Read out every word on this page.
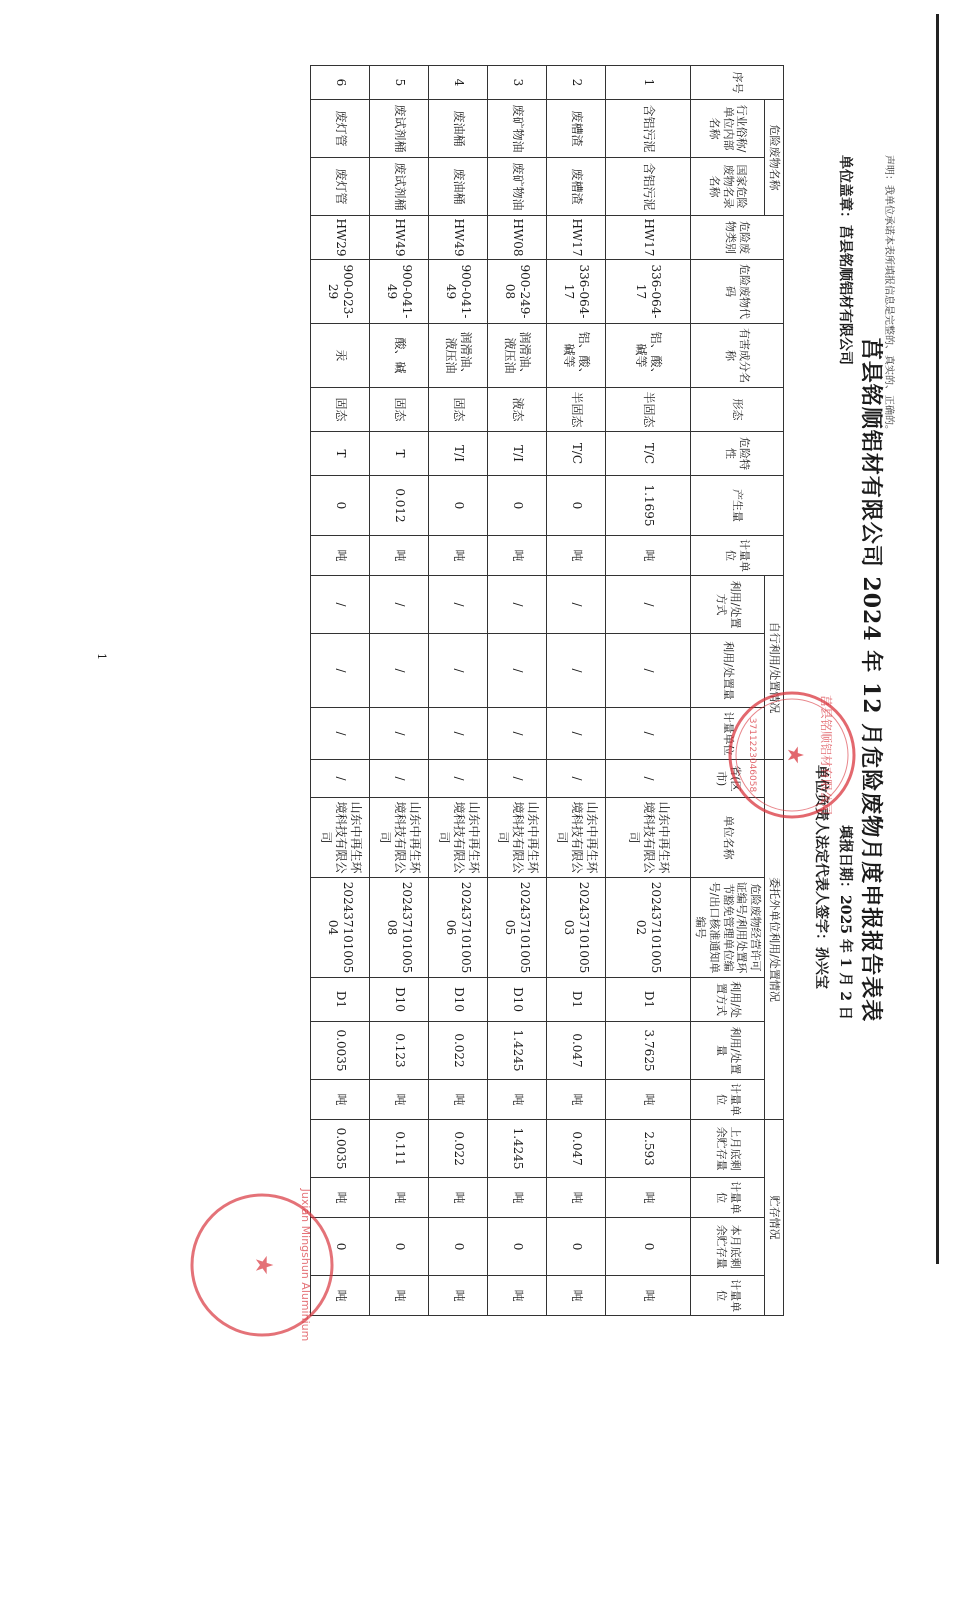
1
声明：我单位承诺本表所填报信息是完整的、真实的、正确的。
莒县铭顺铝材有限公司 2024 年 12 月危险废物月度申报报告表表
单位盖章：莒县铭顺铝材有限公司
填报日期：2025 年 1 月 2 日
单位负责人法定代表人签字：孙兴宝
序号	危险废物名称		危险废物类别	危险废物代码	有害成分名称	形态	危险特性	产生量	计量单位	自行利用/处置情况			委托外单位利用/处置情况						贮存情况			
	行业俗称/单位内部名称	国家危险废物名录名称								利用/处置方式	利用/处置量	计量单位	省(区市)	单位名称	危险废物经营许可证编号/利用处置环节豁免管理单位编号/出口核准通知单编号	利用/处置方式	利用/处置量	计量单位	上月底剩余贮存量	计量单位	本月底剩余贮存量	计量单位
1	含铝污泥	含铝污泥	HW17	336-064-17	铝、酸、碱等	半固态	T/C	1.1695	吨	/	/	/	/	山东中再生环境科技有限公司	20243710100502	D1	3.7625	吨	2.593	吨	0	吨
2	废槽渣	废槽渣	HW17	336-064-17	铝、酸、碱等	半固态	T/C	0	吨	/	/	/	/	山东中再生环境科技有限公司	20243710100503	D1	0.047	吨	0.047	吨	0	吨
3	废矿物油	废矿物油	HW08	900-249-08	润滑油、液压油	液态	T/I	0	吨	/	/	/	/	山东中再生环境科技有限公司	20243710100505	D10	1.4245	吨	1.4245	吨	0	吨
4	废油桶	废油桶	HW49	900-041-49	润滑油、液压油	固态	T/I	0	吨	/	/	/	/	山东中再生环境科技有限公司	20243710100506	D10	0.022	吨	0.022	吨	0	吨
5	废试剂桶	废试剂桶	HW49	900-041-49	酸、碱	固态	T	0.012	吨	/	/	/	/	山东中再生环境科技有限公司	20243710100508	D10	0.123	吨	0.111	吨	0	吨
6	废灯管	废灯管	HW29	900-023-29	汞	固态	T	0	吨	/	/	/	/	山东中再生环境科技有限公司	20243710100504	D1	0.0035	吨	0.0035	吨	0	吨
★ 莒县铭顺铝材有限公司
3711223046058
Juxian Mingshun Aluminium
★
